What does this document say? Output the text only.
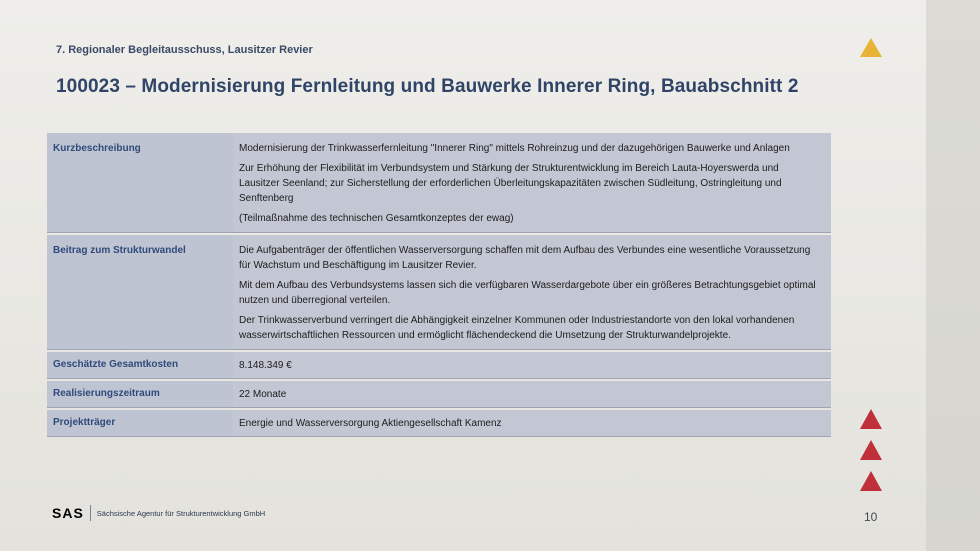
7. Regionaler Begleitausschuss, Lausitzer Revier
100023 – Modernisierung Fernleitung und Bauwerke Innerer Ring, Bauabschnitt 2
Kurzbeschreibung	Modernisierung der Trinkwasserfernleitung "Innerer Ring" mittels Rohreinzug und der dazugehörigen Bauwerke und Anlagen

Zur Erhöhung der Flexibilität im Verbundsystem und Stärkung der Strukturentwicklung im Bereich Lauta-Hoyerswerda und Lausitzer Seenland; zur Sicherstellung der erforderlichen Überleitungskapazitäten zwischen Südleitung, Ostringleitung und Senftenberg

(Teilmaßnahme des technischen Gesamtkonzeptes der ewag)

Beitrag zum Strukturwandel	Die Aufgabenträger der öffentlichen Wasserversorgung schaffen mit dem Aufbau des Verbundes eine wesentliche Voraussetzung für Wachstum und Beschäftigung im Lausitzer Revier.

Mit dem Aufbau des Verbundsystems lassen sich die verfügbaren Wasserdargebote über ein größeres Betrachtungsgebiet optimal nutzen und überregional verteilen.

Der Trinkwasserverbund verringert die Abhängigkeit einzelner Kommunen oder Industriestandorte von den lokal vorhandenen wasserwirtschaftlichen Ressourcen und ermöglicht flächendeckend die Umsetzung der Strukturwandelprojekte.

Geschätzte Gesamtkosten	8.148.349 €
Realisierungszeitraum	22 Monate
Projektträger	Energie und Wasserversorgung Aktiengesellschaft Kamenz
SAS Sächsische Agentur für Strukturentwicklung GmbH	10
